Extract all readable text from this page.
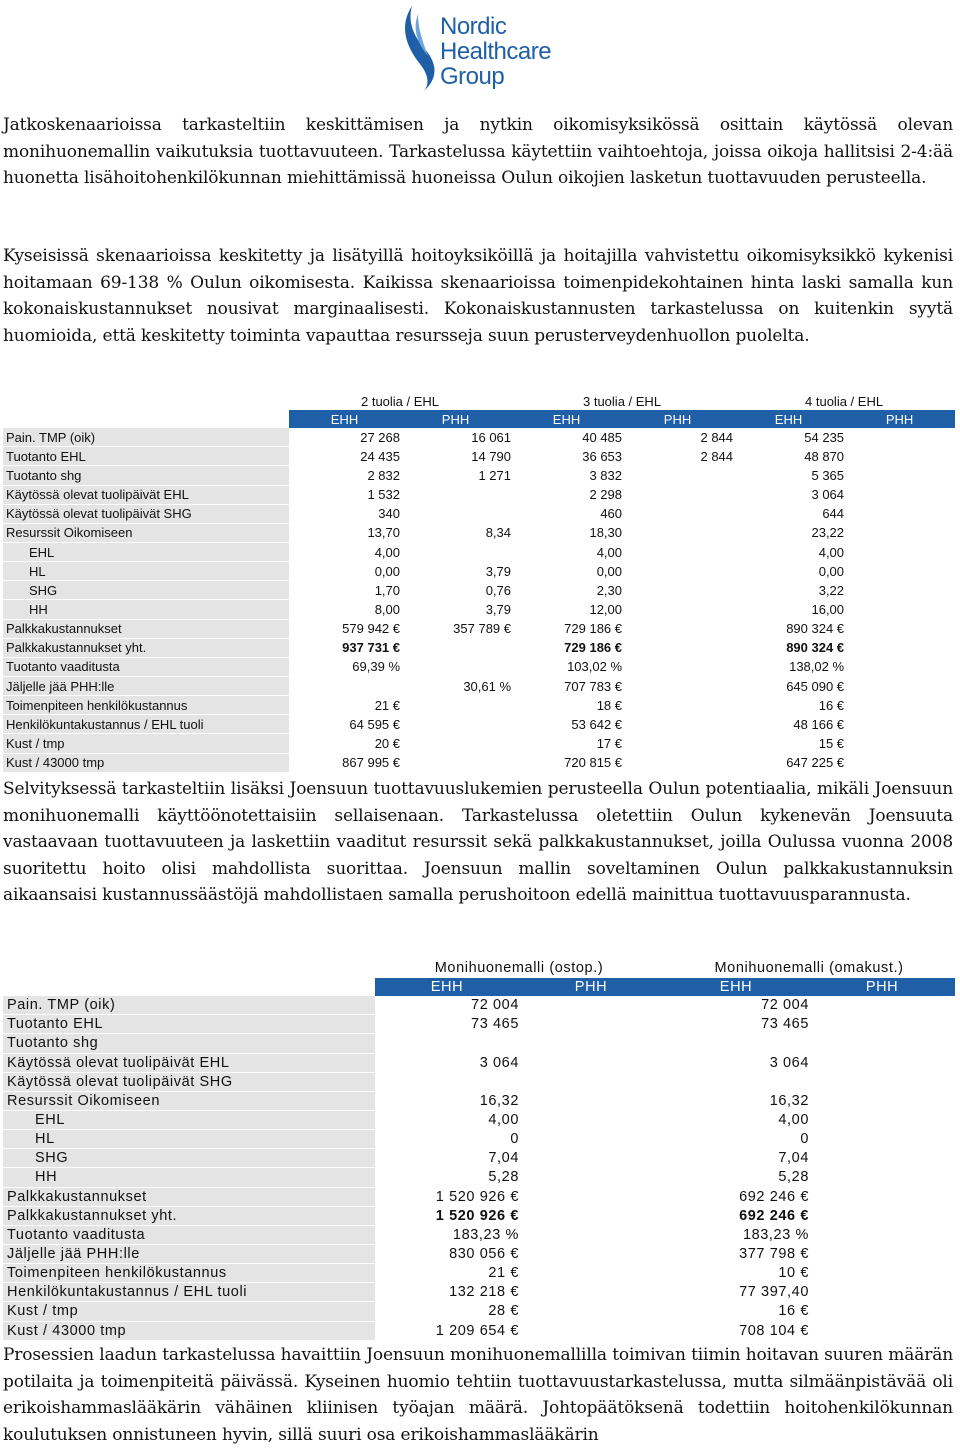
Nordic
Healthcare
Group

Jatkoskenaarioissa tarkasteltiin keskittämisen ja nytkin oikomisyksikössä osittain käytössä olevan monihuonemallin vaikutuksia tuottavuuteen. Tarkastelussa käytettiin vaihtoehtoja, joissa oikoja hallitsisi 2-4:ää huonetta lisähoitohenkilökunnan miehittämissä huoneissa Oulun oikojien lasketun tuottavuuden perusteella.

Kyseisissä skenaarioissa keskitetty ja lisätyillä hoitoyksiköillä ja hoitajilla vahvistettu oikomisyksikkö kykenisi hoitamaan 69-138 % Oulun oikomisesta. Kaikissa skenaarioissa toimenpidekohtainen hinta laski samalla kun kokonaiskustannukset nousivat marginaalisesti. Kokonaiskustannusten tarkastelussa on kuitenkin syytä huomioida, että keskitetty toiminta vapauttaa resursseja suun perusterveydenhuollon puolelta.

	2 tuolia / EHL		3 tuolia / EHL		4 tuolia / EHL	
	EHH	PHH	EHH	PHH	EHH	PHH
Pain. TMP (oik)	27 268	16 061	40 485	2 844	54 235	
Tuotanto EHL	24 435	14 790	36 653	2 844	48 870	
Tuotanto shg	2 832	1 271	3 832		5 365	
Käytössä olevat tuolipäivät EHL	1 532		2 298		3 064	
Käytössä olevat tuolipäivät SHG	340		460		644	
Resurssit Oikomiseen	13,70	8,34	18,30		23,22	
EHL	4,00		4,00		4,00	
HL	0,00	3,79	0,00		0,00	
SHG	1,70	0,76	2,30		3,22	
HH	8,00	3,79	12,00		16,00	
Palkkakustannukset	579 942 €	357 789 €	729 186 €		890 324 €	
Palkkakustannukset yht.	937 731 €		729 186 €		890 324 €	
Tuotanto vaaditusta	69,39 %		103,02 %		138,02 %	
Jäljelle jää PHH:lle		30,61 %	707 783 €		645 090 €	
Toimenpiteen henkilökustannus	21 €		18 €		16 €	
Henkilökuntakustannus / EHL tuoli	64 595 €		53 642 €		48 166 €	
Kust / tmp	20 €		17 €		15 €	
Kust / 43000 tmp	867 995 €		720 815 €		647 225 €	

Selvityksessä tarkasteltiin lisäksi Joensuun tuottavuuslukemien perusteella Oulun potentiaalia, mikäli Joensuun monihuonemalli käyttöönotettaisiin sellaisenaan. Tarkastelussa oletettiin Oulun kykenevän Joensuuta vastaavaan tuottavuuteen ja laskettiin vaaditut resurssit sekä palkkakustannukset, joilla Oulussa vuonna 2008 suoritettu hoito olisi mahdollista suorittaa. Joensuun mallin soveltaminen Oulun palkkakustannuksin aikaansaisi kustannussäästöjä mahdollistaen samalla perushoitoon edellä mainittua tuottavuusparannusta.

	Monihuonemalli (ostop.)		Monihuonemalli (omakust.)	
	EHH	PHH	EHH	PHH
Pain. TMP (oik)	72 004		72 004	
Tuotanto EHL	73 465		73 465	
Tuotanto shg				
Käytössä olevat tuolipäivät EHL	3 064		3 064	
Käytössä olevat tuolipäivät SHG				
Resurssit Oikomiseen	16,32		16,32	
EHL	4,00		4,00	
HL	0		0	
SHG	7,04		7,04	
HH	5,28		5,28	
Palkkakustannukset	1 520 926 €		692 246 €	
Palkkakustannukset yht.	1 520 926 €		692 246 €	
Tuotanto vaaditusta	183,23 %		183,23 %	
Jäljelle jää PHH:lle	830 056 €		377 798 €	
Toimenpiteen henkilökustannus	21 €		10 €	
Henkilökuntakustannus / EHL tuoli	132 218 €		77 397,40	
Kust / tmp	28 €		16 €	
Kust / 43000 tmp	1 209 654 €		708 104 €	

Prosessien laadun tarkastelussa havaittiin Joensuun monihuonemallilla toimivan tiimin hoitavan suuren määrän potilaita ja toimenpiteitä päivässä. Kyseinen huomio tehtiin tuottavuustarkastelussa, mutta silmäänpistävää oli erikoishammaslääkärin vähäinen kliinisen työajan määrä. Johtopäätöksenä todettiin hoitohenkilökunnan koulutuksen onnistuneen hyvin, sillä suuri osa erikoishammaslääkärin
